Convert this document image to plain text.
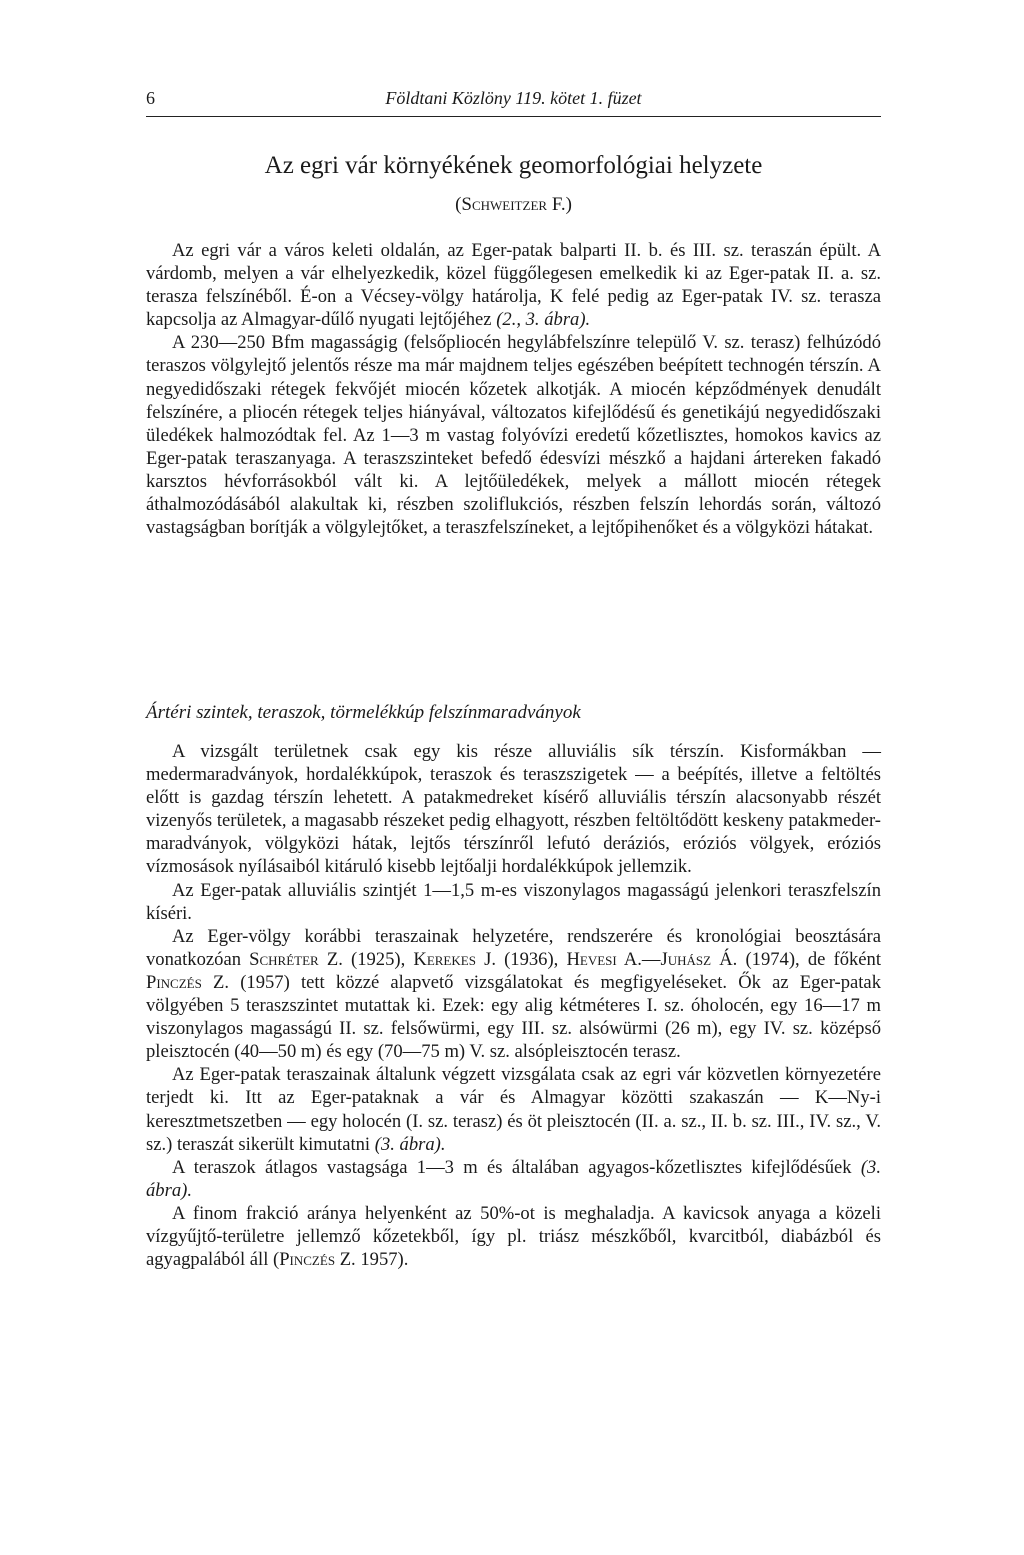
6	Földtani Közlöny 119. kötet 1. füzet
Az egri vár környékének geomorfológiai helyzete
(Schweitzer F.)

Az egri vár a város keleti oldalán, az Eger-patak balparti II. b. és III. sz. teraszán épült. A várdomb, melyen a vár elhelyezkedik, közel függőlegesen emelkedik ki az Eger-patak II. a. sz. terasza felszínéből. É-on a Vécsey-völgy határolja, K felé pedig az Eger-patak IV. sz. terasza kapcsolja az Almagyar-dűlő nyugati lejtőjéhez (2., 3. ábra).

A 230—250 Bfm magasságig (felsőpliocén hegylábfelszínre települő V. sz. terasz) felhúzódó teraszos völgylejtő jelentős része ma már majdnem teljes egészében beépített technogén térszín. A negyedidőszaki rétegek fekvőjét miocén kőzetek alkotják. A miocén képződmények denudált felszínére, a pliocén rétegek teljes hiányával, változatos kifejlődésű és genetikájú negyedidőszaki üledékek halmozódtak fel. Az 1—3 m vastag folyóvízi eredetű kőzetlisztes, homokos kavics az Eger-patak teraszanyaga. A teraszszinteket befedő édesvízi mészkő a hajdani ártereken fakadó karsztos hévforrásokból vált ki. A lejtőüledékek, melyek a mállott miocén rétegek áthalmozódásából alakultak ki, részben szoliflukciós, részben felszín lehordás során, változó vastagságban borítják a völgylejtőket, a teraszfelszíneket, a lejtőpihenőket és a völgyközi hátakat.

Ártéri szintek, teraszok, törmelékkúp felszínmaradványok

A vizsgált területnek csak egy kis része alluviális sík térszín. Kisformákban — medermaradványok, hordalékkúpok, teraszok és teraszszigetek — a beépítés, illetve a feltöltés előtt is gazdag térszín lehetett. A patakmedreket kísérő alluviális térszín alacsonyabb részét vizenyős területek, a magasabb részeket pedig elhagyott, részben feltöltődött keskeny patakmeder-maradványok, völgyközi hátak, lejtős térszínről lefutó deráziós, eróziós völgyek, eróziós vízmosások nyílásaiból kitáruló kisebb lejtőalji hordalékkúpok jellemzik.

Az Eger-patak alluviális szintjét 1—1,5 m-es viszonylagos magasságú jelenkori teraszfelszín kíséri.

Az Eger-völgy korábbi teraszainak helyzetére, rendszerére és kronológiai beosztására vonatkozóan Schréter Z. (1925), Kerekes J. (1936), Hevesi A.—Juhász Á. (1974), de főként Pinczés Z. (1957) tett közzé alapvető vizsgálatokat és megfigyeléseket. Ők az Eger-patak völgyében 5 teraszszintet mutattak ki. Ezek: egy alig kétméteres I. sz. óholocén, egy 16—17 m viszonylagos magasságú II. sz. felsőwürmi, egy III. sz. alsówürmi (26 m), egy IV. sz. középső pleisztocén (40—50 m) és egy (70—75 m) V. sz. alsópleisztocén terasz.

Az Eger-patak teraszainak általunk végzett vizsgálata csak az egri vár közvetlen környezetére terjedt ki. Itt az Eger-pataknak a vár és Almagyar közötti szakaszán — K—Ny-i keresztmetszetben — egy holocén (I. sz. terasz) és öt pleisztocén (II. a. sz., II. b. sz. III., IV. sz., V. sz.) teraszát sikerült kimutatni (3. ábra).

A teraszok átlagos vastagsága 1—3 m és általában agyagos-kőzetlisztes kifejlődésűek (3. ábra).

A finom frakció aránya helyenként az 50%-ot is meghaladja. A kavicsok anyaga a közeli vízgyűjtő-területre jellemző kőzetekből, így pl. triász mészkőből, kvarcitból, diabázból és agyagpalából áll (Pinczés Z. 1957).
